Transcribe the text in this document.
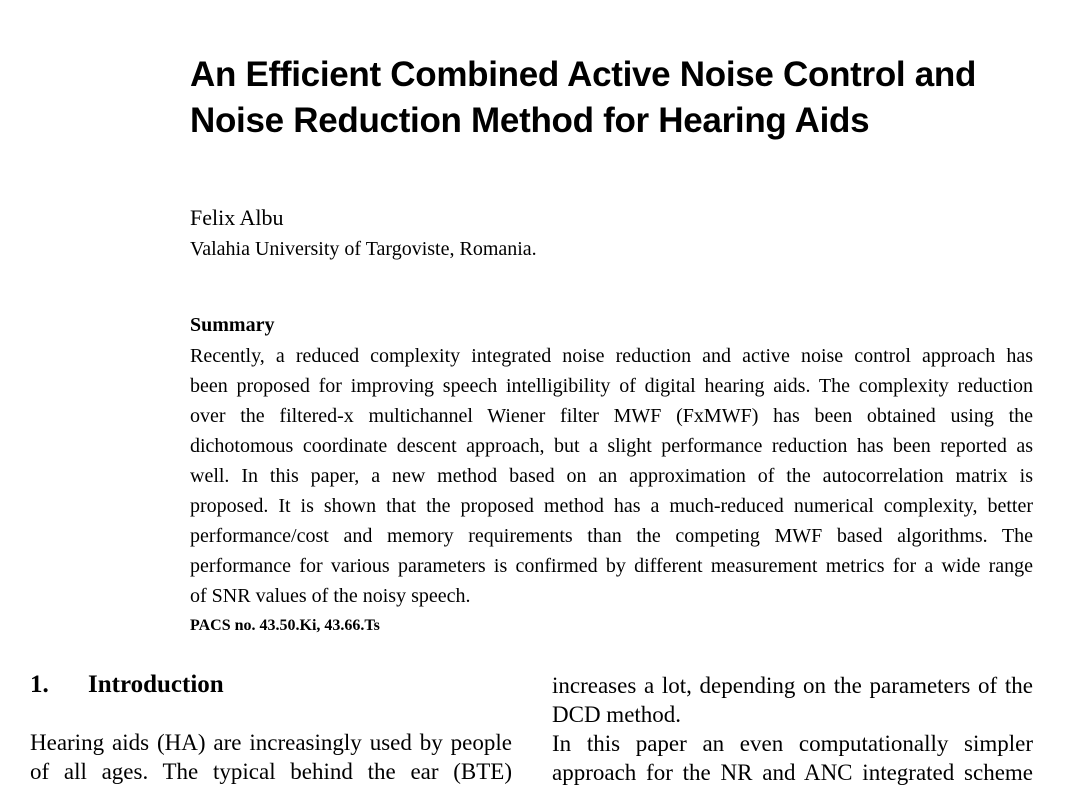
An Efficient Combined Active Noise Control and
Noise Reduction Method for Hearing Aids
Felix Albu
Valahia University of Targoviste, Romania.
Summary
Recently, a reduced complexity integrated noise reduction and active noise control approach has
been proposed for improving speech intelligibility of digital hearing aids. The complexity reduction
over the filtered-x multichannel Wiener filter MWF (FxMWF) has been obtained using the
dichotomous coordinate descent approach, but a slight performance reduction has been reported as
well. In this paper, a new method based on an approximation of the autocorrelation matrix is
proposed. It is shown that the proposed method has a much-reduced numerical complexity, better
performance/cost and memory requirements than the competing MWF based algorithms. The
performance for various parameters is confirmed by different measurement metrics for a wide range
of SNR values of the noisy speech.
PACS no. 43.50.Ki, 43.66.Ts
1. Introduction
Hearing aids (HA) are increasingly used by people
of all ages. The typical behind the ear (BTE)
increases a lot, depending on the parameters of the
DCD method.
In this paper an even computationally simpler
approach for the NR and ANC integrated scheme
